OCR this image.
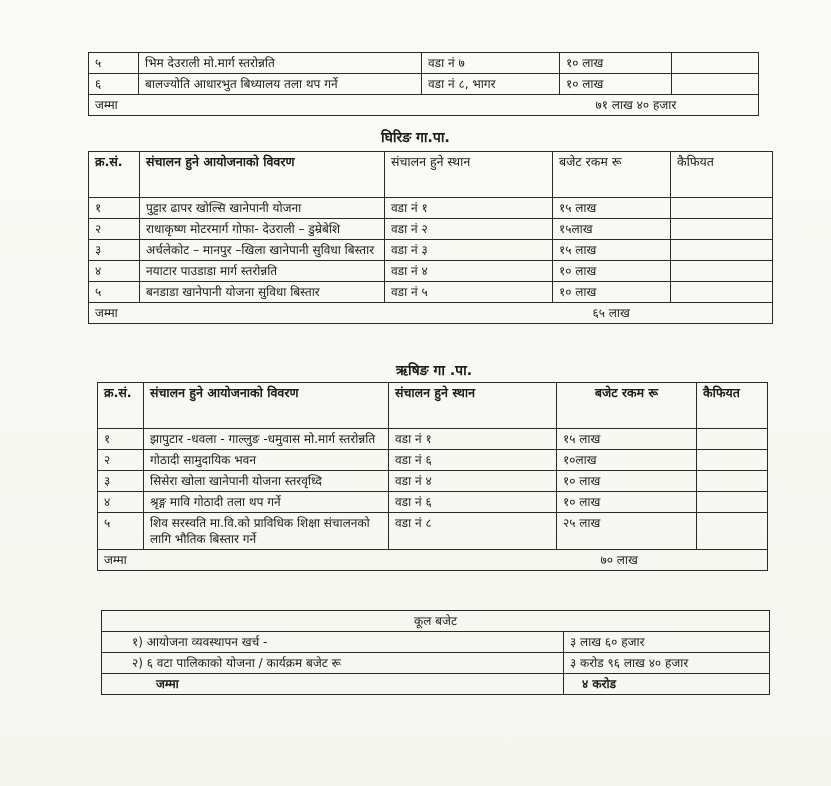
५	भिम देउराली मो.मार्ग स्तरोन्नति	वडा नं ७	१० लाख	
६	बालज्योति आधारभुत बिध्यालय तला थप गर्ने	वडा नं ८, भागर	१० लाख	
जम्मा			७१ लाख ४० हजार	
घिरिङ गा.पा.
क्र.सं.	संचालन हुने आयोजनाको विवरण	संचालन हुने स्थान	बजेट रकम रू	कैफियत
१	पुट्टार ढापर खोल्सि खानेपानी योजना	वडा नं १	१५ लाख	
२	राधाकृष्ण मोटरमार्ग गोफा- देउराली – डुम्रेबेशि	वडा नं २	१५लाख	
३	अर्चलेकोट – मानपुर –खिला खानेपानी सुविधा बिस्तार	वडा नं ३	१५ लाख	
४	नयाटार पाउडाडा मार्ग स्तरोन्नति	वडा नं ४	१० लाख	
५	बनडाडा खानेपानी योजना सुविधा बिस्तार	वडा नं ५	१० लाख	
जम्मा			६५ लाख	
ऋषिङ गा .पा.
क्र.सं.	संचालन हुने आयोजनाको विवरण	संचालन हुने स्थान	बजेट रकम रू	कैफियत
१	झापुटार -धवला - गाल्लुङ -धमुवास मो.मार्ग स्तरोन्नति	वडा नं १	१५ लाख	
२	गोठादी सामुदायिक भवन	वडा नं ६	१०लाख	
३	सिसेरा खोला खानेपानी योजना स्तरवृध्दि	वडा नं ४	१० लाख	
४	श्रृङ्ग मावि गोठादी तला थप गर्ने	वडा नं ६	१० लाख	
५	शिव सरस्वति मा.वि.को प्राविधिक शिक्षा संचालनको लागि भौतिक बिस्तार गर्ने	वडा नं ८	२५ लाख	
जम्मा			७० लाख	
कूल बजेट	
१) आयोजना व्यवस्थापन खर्च -	३ लाख ६० हजार
२) ६ वटा पालिकाको योजना / कार्यक्रम बजेट रू	३ करोड ९६ लाख ४० हजार
जम्मा	४ करोड
